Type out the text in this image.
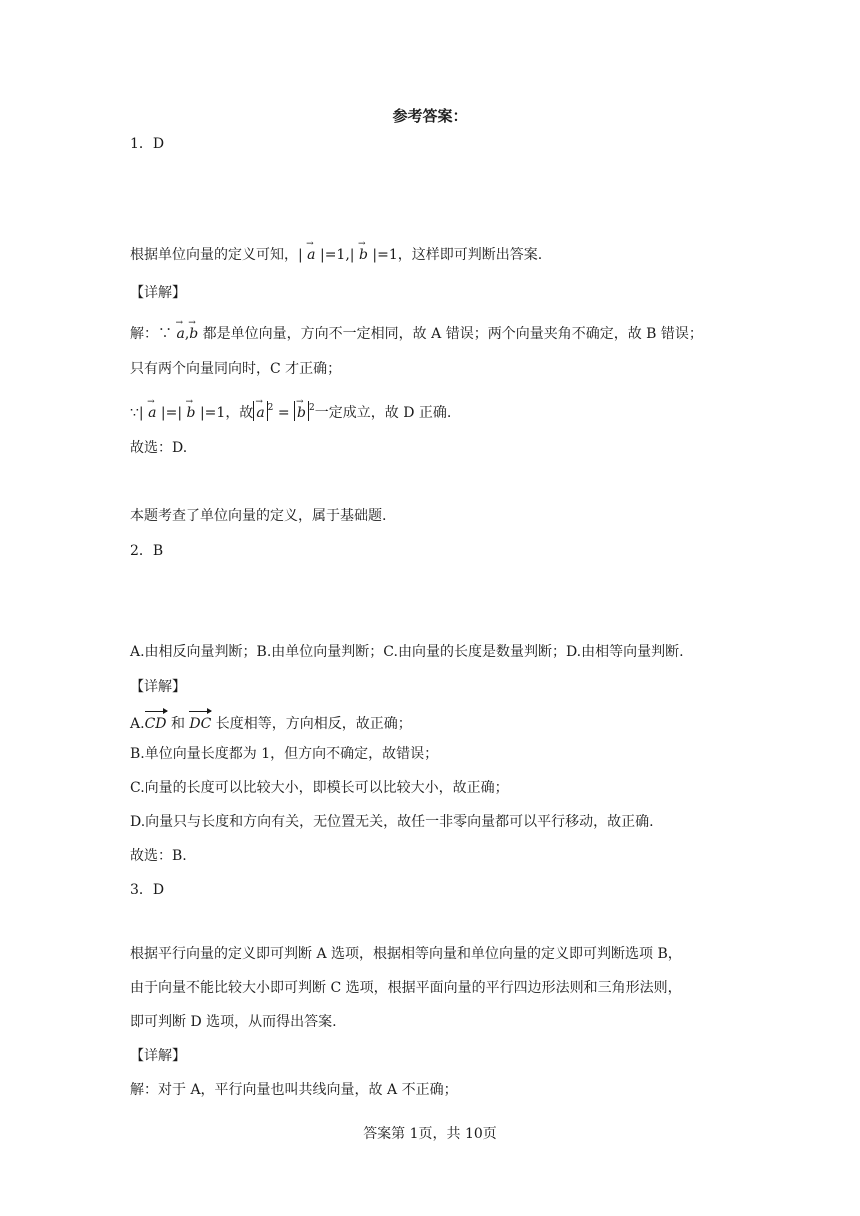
参考答案：
1．D
根据单位向量的定义可知，| → a |=1,| → b |=1，这样即可判断出答案.
【详解】
解：∵ → a,→ b 都是单位向量，方向不一定相同，故 A 错误；两个向量夹角不确定，故 B 错误；
只有两个向量同向时，C 才正确；
∵| → a |=| → b |=1，故→ a $^2$ = → b $^2$一定成立，故 D 正确.
故选：D.
本题考查了单位向量的定义，属于基础题.
2．B
A.由相反向量判断；B.由单位向量判断；C.由向量的长度是数量判断；D.由相等向量判断.
【详解】
A.CD 和 DC 长度相等，方向相反，故正确；
B.单位向量长度都为 1，但方向不确定，故错误；
C.向量的长度可以比较大小，即模长可以比较大小，故正确；
D.向量只与长度和方向有关，无位置无关，故任一非零向量都可以平行移动，故正确.
故选：B.
3．D
根据平行向量的定义即可判断 A 选项，根据相等向量和单位向量的定义即可判断选项 B，
由于向量不能比较大小即可判断 C 选项，根据平面向量的平行四边形法则和三角形法则，
即可判断 D 选项，从而得出答案.
【详解】
解：对于 A，平行向量也叫共线向量，故 A 不正确；
答案第 1页，共 10页
